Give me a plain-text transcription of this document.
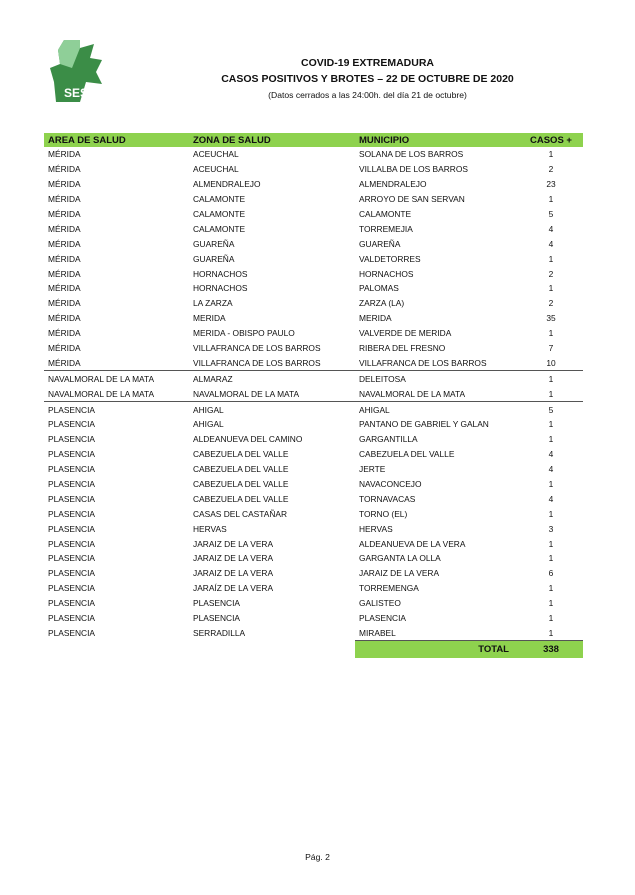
SES
COVID-19 EXTREMADURA
CASOS POSITIVOS Y BROTES – 22 DE OCTUBRE DE 2020
(Datos cerrados a las 24:00h. del día 21 de octubre)
AREA DE SALUD	ZONA DE SALUD	MUNICIPIO	CASOS +
MÉRIDA	ACEUCHAL	SOLANA DE LOS BARROS	1
MÉRIDA	ACEUCHAL	VILLALBA DE LOS BARROS	2
MÉRIDA	ALMENDRALEJO	ALMENDRALEJO	23
MÉRIDA	CALAMONTE	ARROYO DE SAN SERVAN	1
MÉRIDA	CALAMONTE	CALAMONTE	5
MÉRIDA	CALAMONTE	TORREMEJIA	4
MÉRIDA	GUAREÑA	GUAREÑA	4
MÉRIDA	GUAREÑA	VALDETORRES	1
MÉRIDA	HORNACHOS	HORNACHOS	2
MÉRIDA	HORNACHOS	PALOMAS	1
MÉRIDA	LA ZARZA	ZARZA (LA)	2
MÉRIDA	MERIDA	MERIDA	35
MÉRIDA	MERIDA - OBISPO PAULO	VALVERDE DE MERIDA	1
MÉRIDA	VILLAFRANCA DE LOS BARROS	RIBERA DEL FRESNO	7
MÉRIDA	VILLAFRANCA DE LOS BARROS	VILLAFRANCA DE LOS BARROS	10
NAVALMORAL DE LA MATA	ALMARAZ	DELEITOSA	1
NAVALMORAL DE LA MATA	NAVALMORAL DE LA MATA	NAVALMORAL DE LA MATA	1
PLASENCIA	AHIGAL	AHIGAL	5
PLASENCIA	AHIGAL	PANTANO DE GABRIEL Y GALAN	1
PLASENCIA	ALDEANUEVA DEL CAMINO	GARGANTILLA	1
PLASENCIA	CABEZUELA DEL VALLE	CABEZUELA DEL VALLE	4
PLASENCIA	CABEZUELA DEL VALLE	JERTE	4
PLASENCIA	CABEZUELA DEL VALLE	NAVACONCEJO	1
PLASENCIA	CABEZUELA DEL VALLE	TORNAVACAS	4
PLASENCIA	CASAS DEL CASTAÑAR	TORNO (EL)	1
PLASENCIA	HERVAS	HERVAS	3
PLASENCIA	JARAIZ DE LA VERA	ALDEANUEVA DE LA VERA	1
PLASENCIA	JARAIZ DE LA VERA	GARGANTA LA OLLA	1
PLASENCIA	JARAIZ DE LA VERA	JARAIZ DE LA VERA	6
PLASENCIA	JARAÍZ DE LA VERA	TORREMENGA	1
PLASENCIA	PLASENCIA	GALISTEO	1
PLASENCIA	PLASENCIA	PLASENCIA	1
PLASENCIA	SERRADILLA	MIRABEL	1
		TOTAL	338
Pág. 2
